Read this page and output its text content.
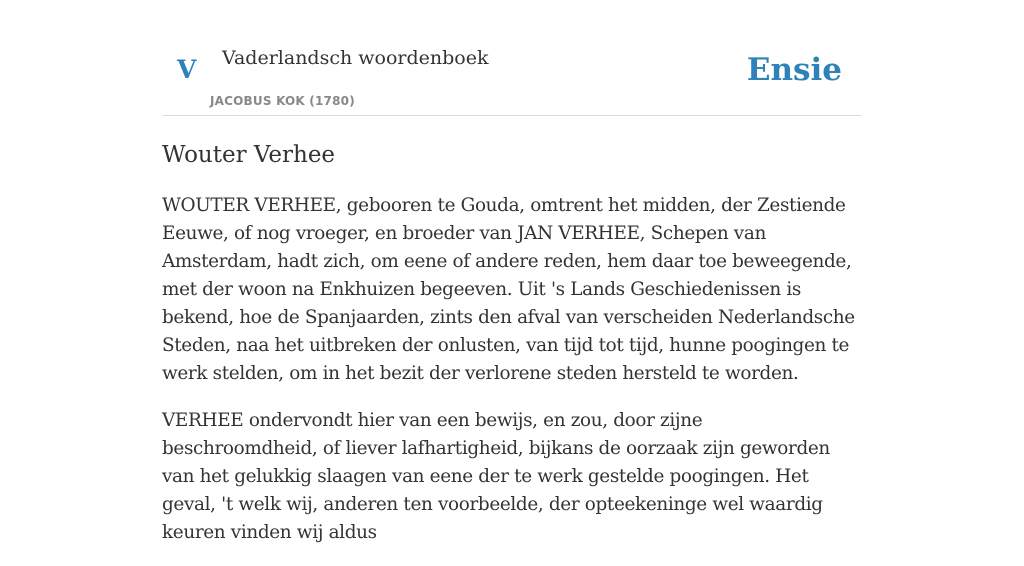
V Vaderlandsch woordenboek
JACOBUS KOK (1780)
Ensie
Wouter Verhee

WOUTER VERHEE, gebooren te Gouda, omtrent het midden, der Zestiende Eeuwe, of nog vroeger, en broeder van JAN VERHEE, Schepen van Amsterdam, hadt zich, om eene of andere reden, hem daar toe beweegende, met der woon na Enkhuizen begeeven. Uit 's Lands Geschiedenissen is bekend, hoe de Spanjaarden, zints den afval van verscheiden Nederlandsche Steden, naa het uitbreken der onlusten, van tijd tot tijd, hunne poogingen te werk stelden, om in het bezit der verlorene steden hersteld te worden.

VERHEE ondervondt hier van een bewijs, en zou, door zijne beschroomdheid, of liever lafhartigheid, bijkans de oorzaak zijn geworden van het gelukkig slaagen van eene der te werk gestelde poogingen. Het geval, 't welk wij, anderen ten voorbeelde, der opteekeninge wel waardig keuren vinden wij aldus
